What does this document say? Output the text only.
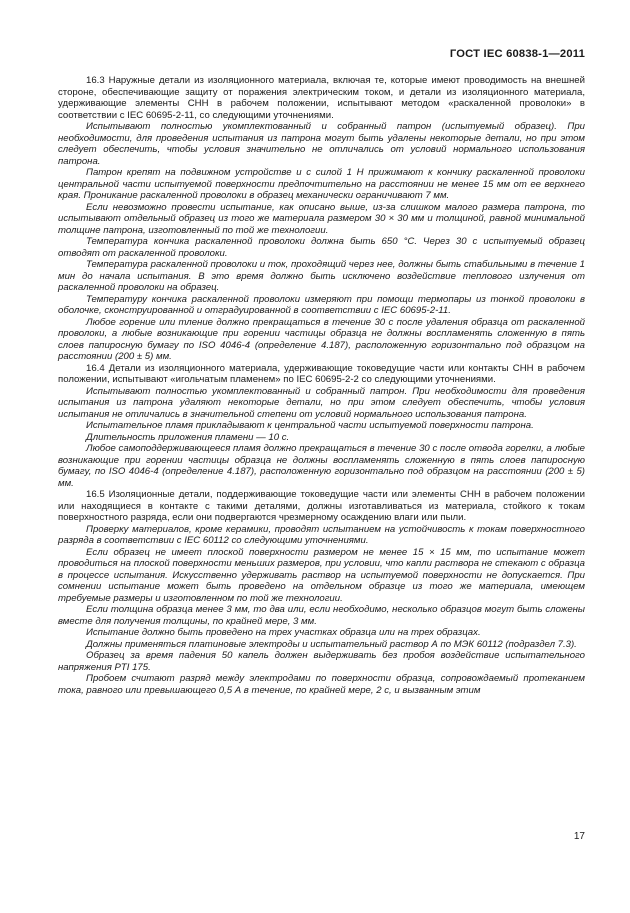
ГОСТ IEC 60838-1—2011

16.3 Наружные детали из изоляционного материала, включая те, которые имеют проводимость на внешней стороне, обеспечивающие защиту от поражения электрическим током, и детали из изоляционного материала, удерживающие элементы СНН в рабочем положении, испытывают методом «раскаленной проволоки» в соответствии с IEC 60695-2-11, со следующими уточнениями.

Испытывают полностью укомплектованный и собранный патрон (испытуемый образец). При необходимости, для проведения испытания из патрона могут быть удалены некоторые детали, но при этом следует обеспечить, чтобы условия значительно не отличались от условий нормального использования патрона.

Патрон крепят на подвижном устройстве и с силой 1 Н прижимают к кончику раскаленной проволоки центральной части испытуемой поверхности предпочтительно на расстоянии не менее 15 мм от ее верхнего края. Проникание раскаленной проволоки в образец механически ограничивают 7 мм.

Если невозможно провести испытание, как описано выше, из-за слишком малого размера патрона, то испытывают отдельный образец из того же материала размером 30 × 30 мм и толщиной, равной минимальной толщине патрона, изготовленный по той же технологии.

Температура кончика раскаленной проволоки должна быть 650 °С. Через 30 с испытуемый образец отводят от раскаленной проволоки.

Температура раскаленной проволоки и ток, проходящий через нее, должны быть стабильными в течение 1 мин до начала испытания. В это время должно быть исключено воздействие теплового излучения от раскаленной проволоки на образец.

Температуру кончика раскаленной проволоки измеряют при помощи термопары из тонкой проволоки в оболочке, сконструированной и отградуированной в соответствии с IEC 60695-2-11.

Любое горение или тление должно прекращаться в течение 30 с после удаления образца от раскаленной проволоки, а любые возникающие при горении частицы образца не должны воспламенять сложенную в пять слоев папиросную бумагу по ISO 4046-4 (определение 4.187), расположенную горизонтально под образцом на расстоянии (200 ± 5) мм.

16.4 Детали из изоляционного материала, удерживающие токоведущие части или контакты СНН в рабочем положении, испытывают «игольчатым пламенем» по IEC 60695-2-2 со следующими уточнениями.

Испытывают полностью укомплектованный и собранный патрон. При необходимости для проведения испытания из патрона удаляют некоторые детали, но при этом следует обеспечить, чтобы условия испытания не отличались в значительной степени от условий нормального использования патрона.

Испытательное пламя прикладывают к центральной части испытуемой поверхности патрона.

Длительность приложения пламени — 10 с.

Любое самоподдерживающееся пламя должно прекращаться в течение 30 с после отвода горелки, а любые возникающие при горении частицы образца не должны воспламенять сложенную в пять слоев папиросную бумагу, по ISO 4046-4 (определение 4.187), расположенную горизонтально под образцом на расстоянии (200 ± 5) мм.

16.5 Изоляционные детали, поддерживающие токоведущие части или элементы СНН в рабочем положении или находящиеся в контакте с такими деталями, должны изготавливаться из материала, стойкого к токам поверхностного разряда, если они подвергаются чрезмерному осаждению влаги или пыли.

Проверку материалов, кроме керамики, проводят испытанием на устойчивость к токам поверхностного разряда в соответствии с IEC 60112 со следующими уточнениями.

Если образец не имеет плоской поверхности размером не менее 15 × 15 мм, то испытание может проводиться на плоской поверхности меньших размеров, при условии, что капли раствора не стекают с образца в процессе испытания. Искусственно удерживать раствор на испытуемой поверхности не допускается. При сомнении испытание может быть проведено на отдельном образце из того же материала, имеющем требуемые размеры и изготовленном по той же технологии.

Если толщина образца менее 3 мм, то два или, если необходимо, несколько образцов могут быть сложены вместе для получения толщины, по крайней мере, 3 мм.

Испытание должно быть проведено на трех участках образца или на трех образцах.

Должны применяться платиновые электроды и испытательный раствор А по МЭК 60112 (подраздел 7.3).

Образец за время падения 50 капель должен выдерживать без пробоя воздействие испытательного напряжения PTI 175.

Пробоем считают разряд между электродами по поверхности образца, сопровождаемый протеканием тока, равного или превышающего 0,5 А в течение, по крайней мере, 2 с, и вызванным этим

17
